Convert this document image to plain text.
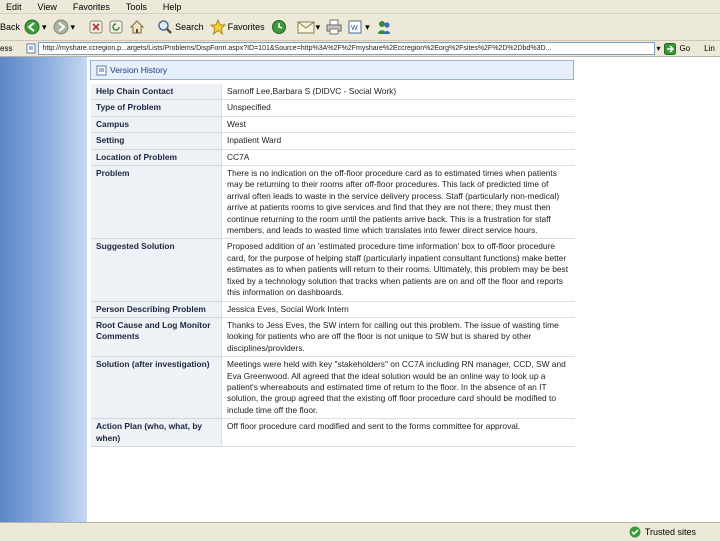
Edit View Favorites Tools Help
Back ▾	▾	Search	Favorites	▾	W ▾
ess	http://myshare.ccregion.p...argets/Lists/Problems/DispForm.aspx?ID=101&Source=http%3A%2F%2Fmyshare%2Eccregion%2Eorg%2Fsites%2F%2D%2Dbd%3D...	▾ Go Lin
Version History
Help Chain Contact	Sarnoff Lee,Barbara S (DIDVC - Social Work)
Type of Problem	Unspecified
Campus	West
Setting	Inpatient Ward
Location of Problem	CC7A
Problem	There is no indication on the off-floor procedure card as to estimated times when patients may be returning to their rooms after off-floor procedures. This lack of predicted time of arrival often leads to waste in the service delivery process. Staff (particularly non-medical) arrive at patients rooms to give services and find that they are not there; they must then continue returning to the room until the patients arrive back. This is a frustration for staff members, and leads to wasted time which translates into fewer direct service hours.
Suggested Solution	Proposed addition of an 'estimated procedure time information' box to off-floor procedure card, for the purpose of helping staff (particularly inpatient consultant functions) make better estimates as to when patients will return to their rooms. Ultimately, this problem may be best fixed by a technology solution that tracks when patients are on and off the floor and reports this information on dashboards.
Person Describing Problem	Jessica Eves, Social Work Intern
Root Cause and Log Monitor Comments	Thanks to Jess Eves, the SW intern for calling out this problem. The issue of wasting time looking for patients who are off the floor is not unique to SW but is shared by other disciplines/providers.
Solution (after investigation)	Meetings were held with key "stakeholders" on CC7A including RN manager, CCD, SW and Eva Greenwood. All agreed that the ideal solution would be an online way to look up a patient's whereabouts and estimated time of return to the floor. In the absence of an IT solution, the group agreed that the existing off floor procedure card should be modified to include time off the floor.
Action Plan (who, what, by when)	Off floor procedure card modified and sent to the forms committee for approval.
Trusted sites
